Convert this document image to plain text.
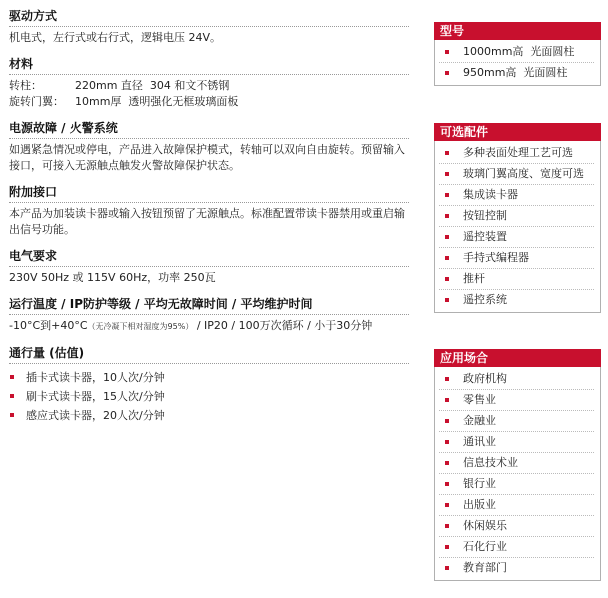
驱动方式
机电式，左行式或右行式，逻辑电压 24V。
材料
转柱：	220mm 直径  304 和文不锈钢
旋转门翼：	10mm厚  透明强化无框玻璃面板
电源故障 / 火警系统
如遇紧急情况或停电，产品进入故障保护模式，转轴可以双向自由旋转。预留输入接口，可接入无源触点触发火警故障保护状态。
附加接口
本产品为加装读卡器或输入按钮预留了无源触点。标准配置带读卡器禁用或重启输出信号功能。
电气要求
230V 50Hz 或 115V 60Hz，功率 250瓦
运行温度 / IP防护等级 / 平均无故障时间 / 平均维护时间
-10°C到+40°C（无冷凝下相对湿度为95%） / IP20 / 100万次循环 / 小于30分钟
通行量 (估值)
插卡式读卡器，10人次/分钟
刷卡式读卡器，15人次/分钟
感应式读卡器，20人次/分钟
型号
1000mm高  光面圆柱
950mm高  光面圆柱
可选配件
多种表面处理工艺可选
玻璃门翼高度、宽度可选
集成读卡器
按钮控制
遥控装置
手持式编程器
推杆
遥控系统
应用场合
政府机构
零售业
金融业
通讯业
信息技术业
银行业
出版业
休闲娱乐
石化行业
教育部门
